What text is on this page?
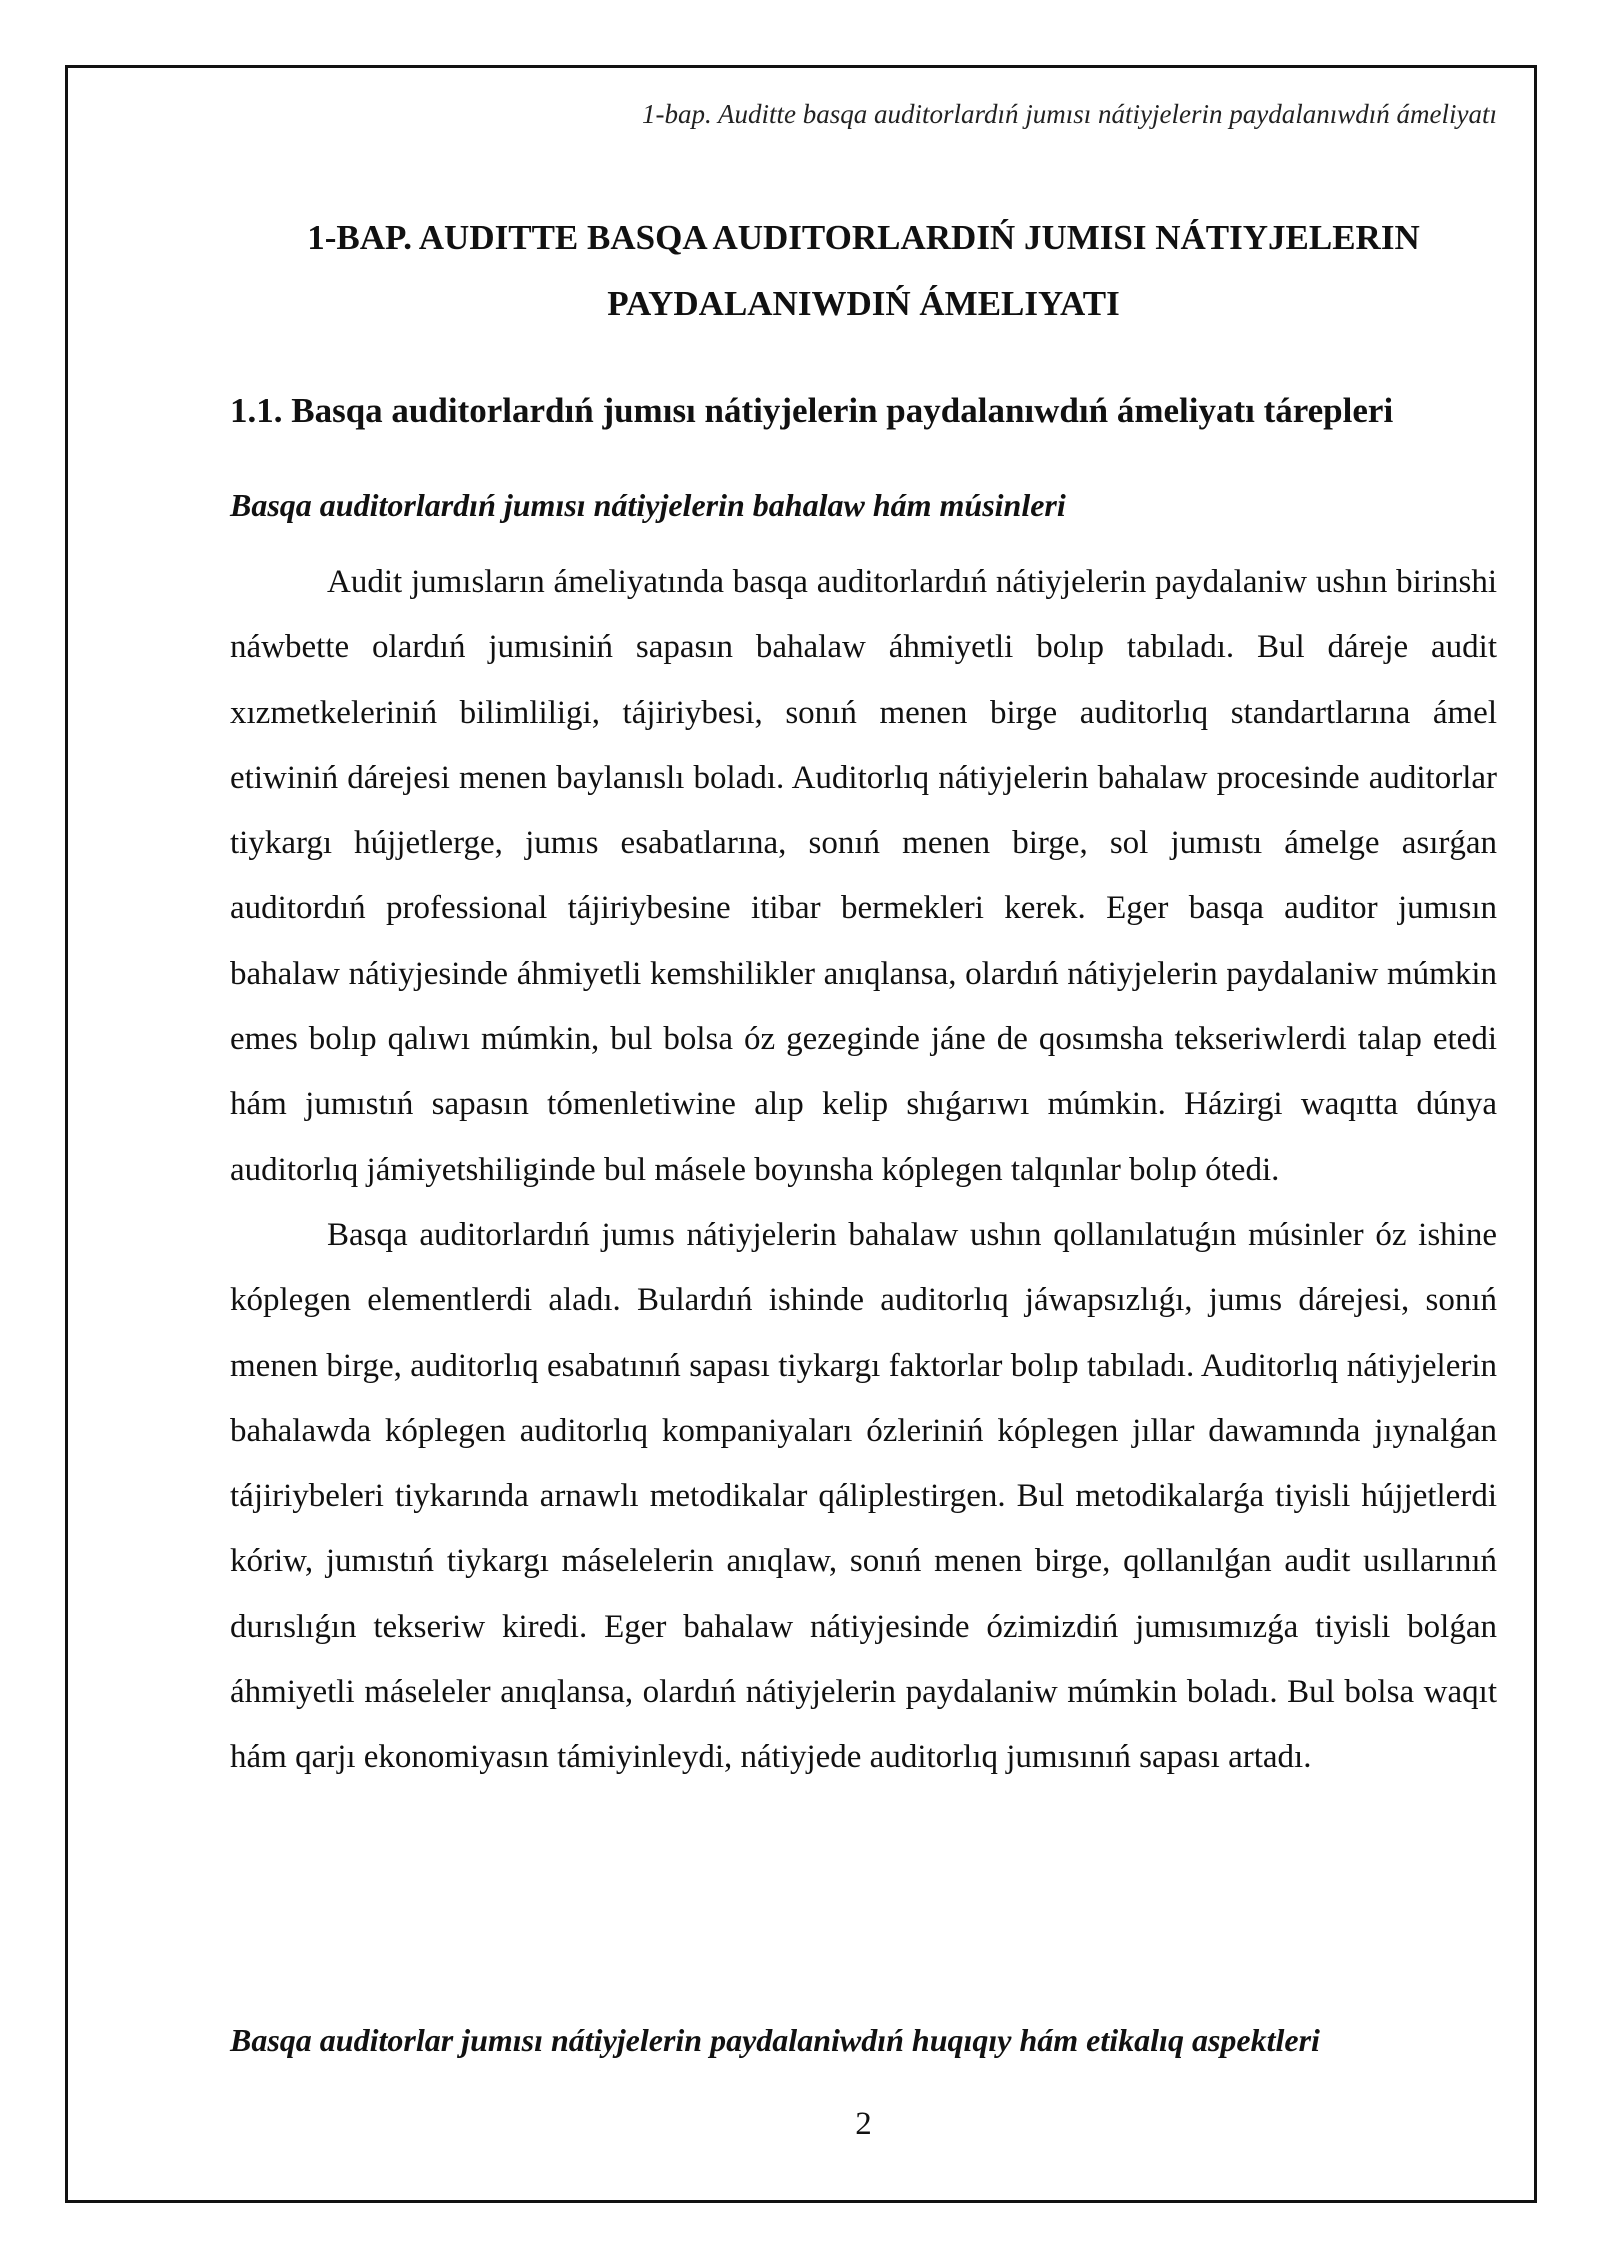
1-bap. Auditte basqa auditorlardıń jumısı nátiyjelerin paydalanıwdıń ámeliyatı
1-BAP. AUDITTE BASQA AUDITORLARDIŃ JUMISI NÁTIYJELERIN
PAYDALANIWDIŃ ÁMELIYATI
1.1. Basqa auditorlardıń jumısı nátiyjelerin paydalanıwdıń ámeliyatı tárepleri
Basqa auditorlardıń jumısı nátiyjelerin bahalaw hám músinleri

Audit jumısların ámeliyatında basqa auditorlardıń nátiyjelerin paydalaniw ushın birinshi náwbette olardıń jumısiniń sapasın bahalaw áhmiyetli bolıp tabıladı. Bul dáreje audit xızmetkeleriniń bilimliligi, tájiriybesi, sonıń menen birge auditorlıq standartlarına ámel etiwiniń dárejesi menen baylanıslı boladı. Auditorlıq nátiyjelerin bahalaw procesinde auditorlar tiykargı hújjetlerge, jumıs esabatlarına, sonıń menen birge, sol jumıstı ámelge asırǵan auditordıń professional tájiriybesine itibar bermekleri kerek. Eger basqa auditor jumısın bahalaw nátiyjesinde áhmiyetli kemshilikler anıqlansa, olardıń nátiyjelerin paydalaniw múmkin emes bolıp qalıwı múmkin, bul bolsa óz gezeginde jáne de qosımsha tekseriwlerdi talap etedi hám jumıstıń sapasın tómenletiwine alıp kelip shıǵarıwı múmkin. Házirgi waqıtta dúnya auditorlıq jámiyetshiliginde bul másele boyınsha kóplegen talqınlar bolıp ótedi.

Basqa auditorlardıń jumıs nátiyjelerin bahalaw ushın qollanılatuǵın músinler óz ishine kóplegen elementlerdi aladı. Bulardıń ishinde auditorlıq jáwapsızlıǵı, jumıs dárejesi, sonıń menen birge, auditorlıq esabatınıń sapası tiykargı faktorlar bolıp tabıladı. Auditorlıq nátiyjelerin bahalawda kóplegen auditorlıq kompaniyaları ózleriniń kóplegen jıllar dawamında jıynalǵan tájiriybeleri tiykarında arnawlı metodikalar qáliplestirgen. Bul metodikalarǵa tiyisli hújjetlerdi kóriw, jumıstıń tiykargı máselelerin anıqlaw, sonıń menen birge, qollanılǵan audit usıllarınıń durıslıǵın tekseriw kiredi. Eger bahalaw nátiyjesinde ózimizdiń jumısımızǵa tiyisli bolǵan áhmiyetli máseleler anıqlansa, olardıń nátiyjelerin paydalaniw múmkin boladı. Bul bolsa waqıt hám qarjı ekonomiyasın támiyinleydi, nátiyjede auditorlıq jumısınıń sapası artadı.

Basqa auditorlar jumısı nátiyjelerin paydalaniwdıń huqıqıy hám etikalıq aspektleri
2
